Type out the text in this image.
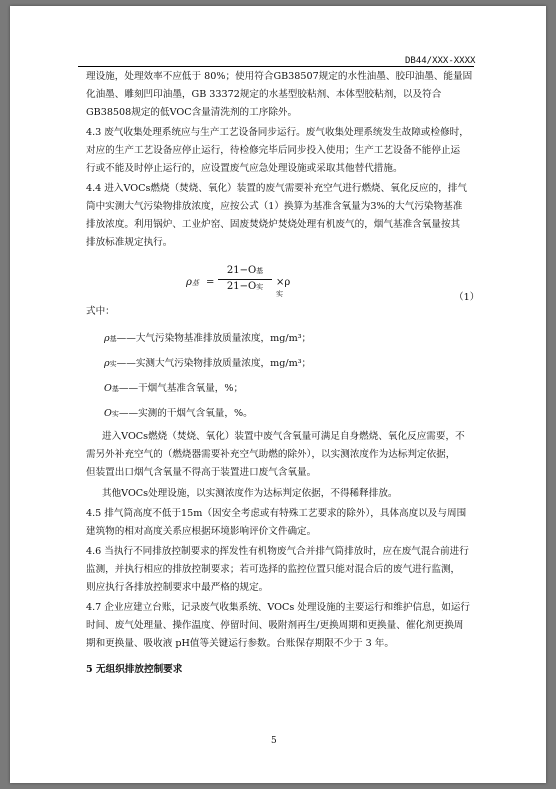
DB44/XXX-XXXX
理设施，处理效率不应低于 80%；使用符合GB38507规定的水性油墨、胶印油墨、能量固
化油墨、雕刻凹印油墨，GB 33372规定的水基型胶粘剂、本体型胶粘剂，以及符合
GB38508规定的低VOC含量清洗剂的工序除外。
4.3 废气收集处理系统应与生产工艺设备同步运行。废气收集处理系统发生故障或检修时，
对应的生产工艺设备应停止运行，待检修完毕后同步投入使用；生产工艺设备不能停止运
行或不能及时停止运行的，应设置废气应急处理设施或采取其他替代措施。
4.4 进入VOCs燃烧（焚烧、氧化）装置的废气需要补充空气进行燃烧、氧化反应的，排气
筒中实测大气污染物排放浓度，应按公式（1）换算为基准含氧量为3%的大气污染物基准
排放浓度。利用锅炉、工业炉窑、固废焚烧炉焚烧处理有机废气的，烟气基准含氧量按其
排放标准规定执行。
式中：
进入VOCs燃烧（焚烧、氧化）装置中废气含氧量可满足自身燃烧、氧化反应需要，不
需另外补充空气的（燃烧器需要补充空气助燃的除外），以实测浓度作为达标判定依据，
但装置出口烟气含氧量不得高于装置进口废气含氧量。
其他VOCs处理设施，以实测浓度作为达标判定依据，不得稀释排放。
4.5 排气筒高度不低于15m（因安全考虑或有特殊工艺要求的除外），具体高度以及与周围
建筑物的相对高度关系应根据环境影响评价文件确定。
4.6 当执行不同排放控制要求的挥发性有机物废气合并排气筒排放时，应在废气混合前进行
监测，并执行相应的排放控制要求；若可选择的监控位置只能对混合后的废气进行监测，
则应执行各排放控制要求中最严格的规定。
4.7 企业应建立台账，记录废气收集系统、VOCs 处理设施的主要运行和维护信息，如运行
时间、废气处理量、操作温度、停留时间、吸附剂再生/更换周期和更换量、催化剂更换周
期和更换量、吸收液 pH值等关键运行参数。台账保存期限不少于 3 年。
5 无组织排放控制要求
ρ基 =
21−O基
21−O实	×ρ实	（1）
ρ基——大气污染物基准排放质量浓度，mg/m³；
ρ实——实测大气污染物排放质量浓度，mg/m³；
O基——干烟气基准含氧量，%；
O实——实测的干烟气含氧量，%。
5
